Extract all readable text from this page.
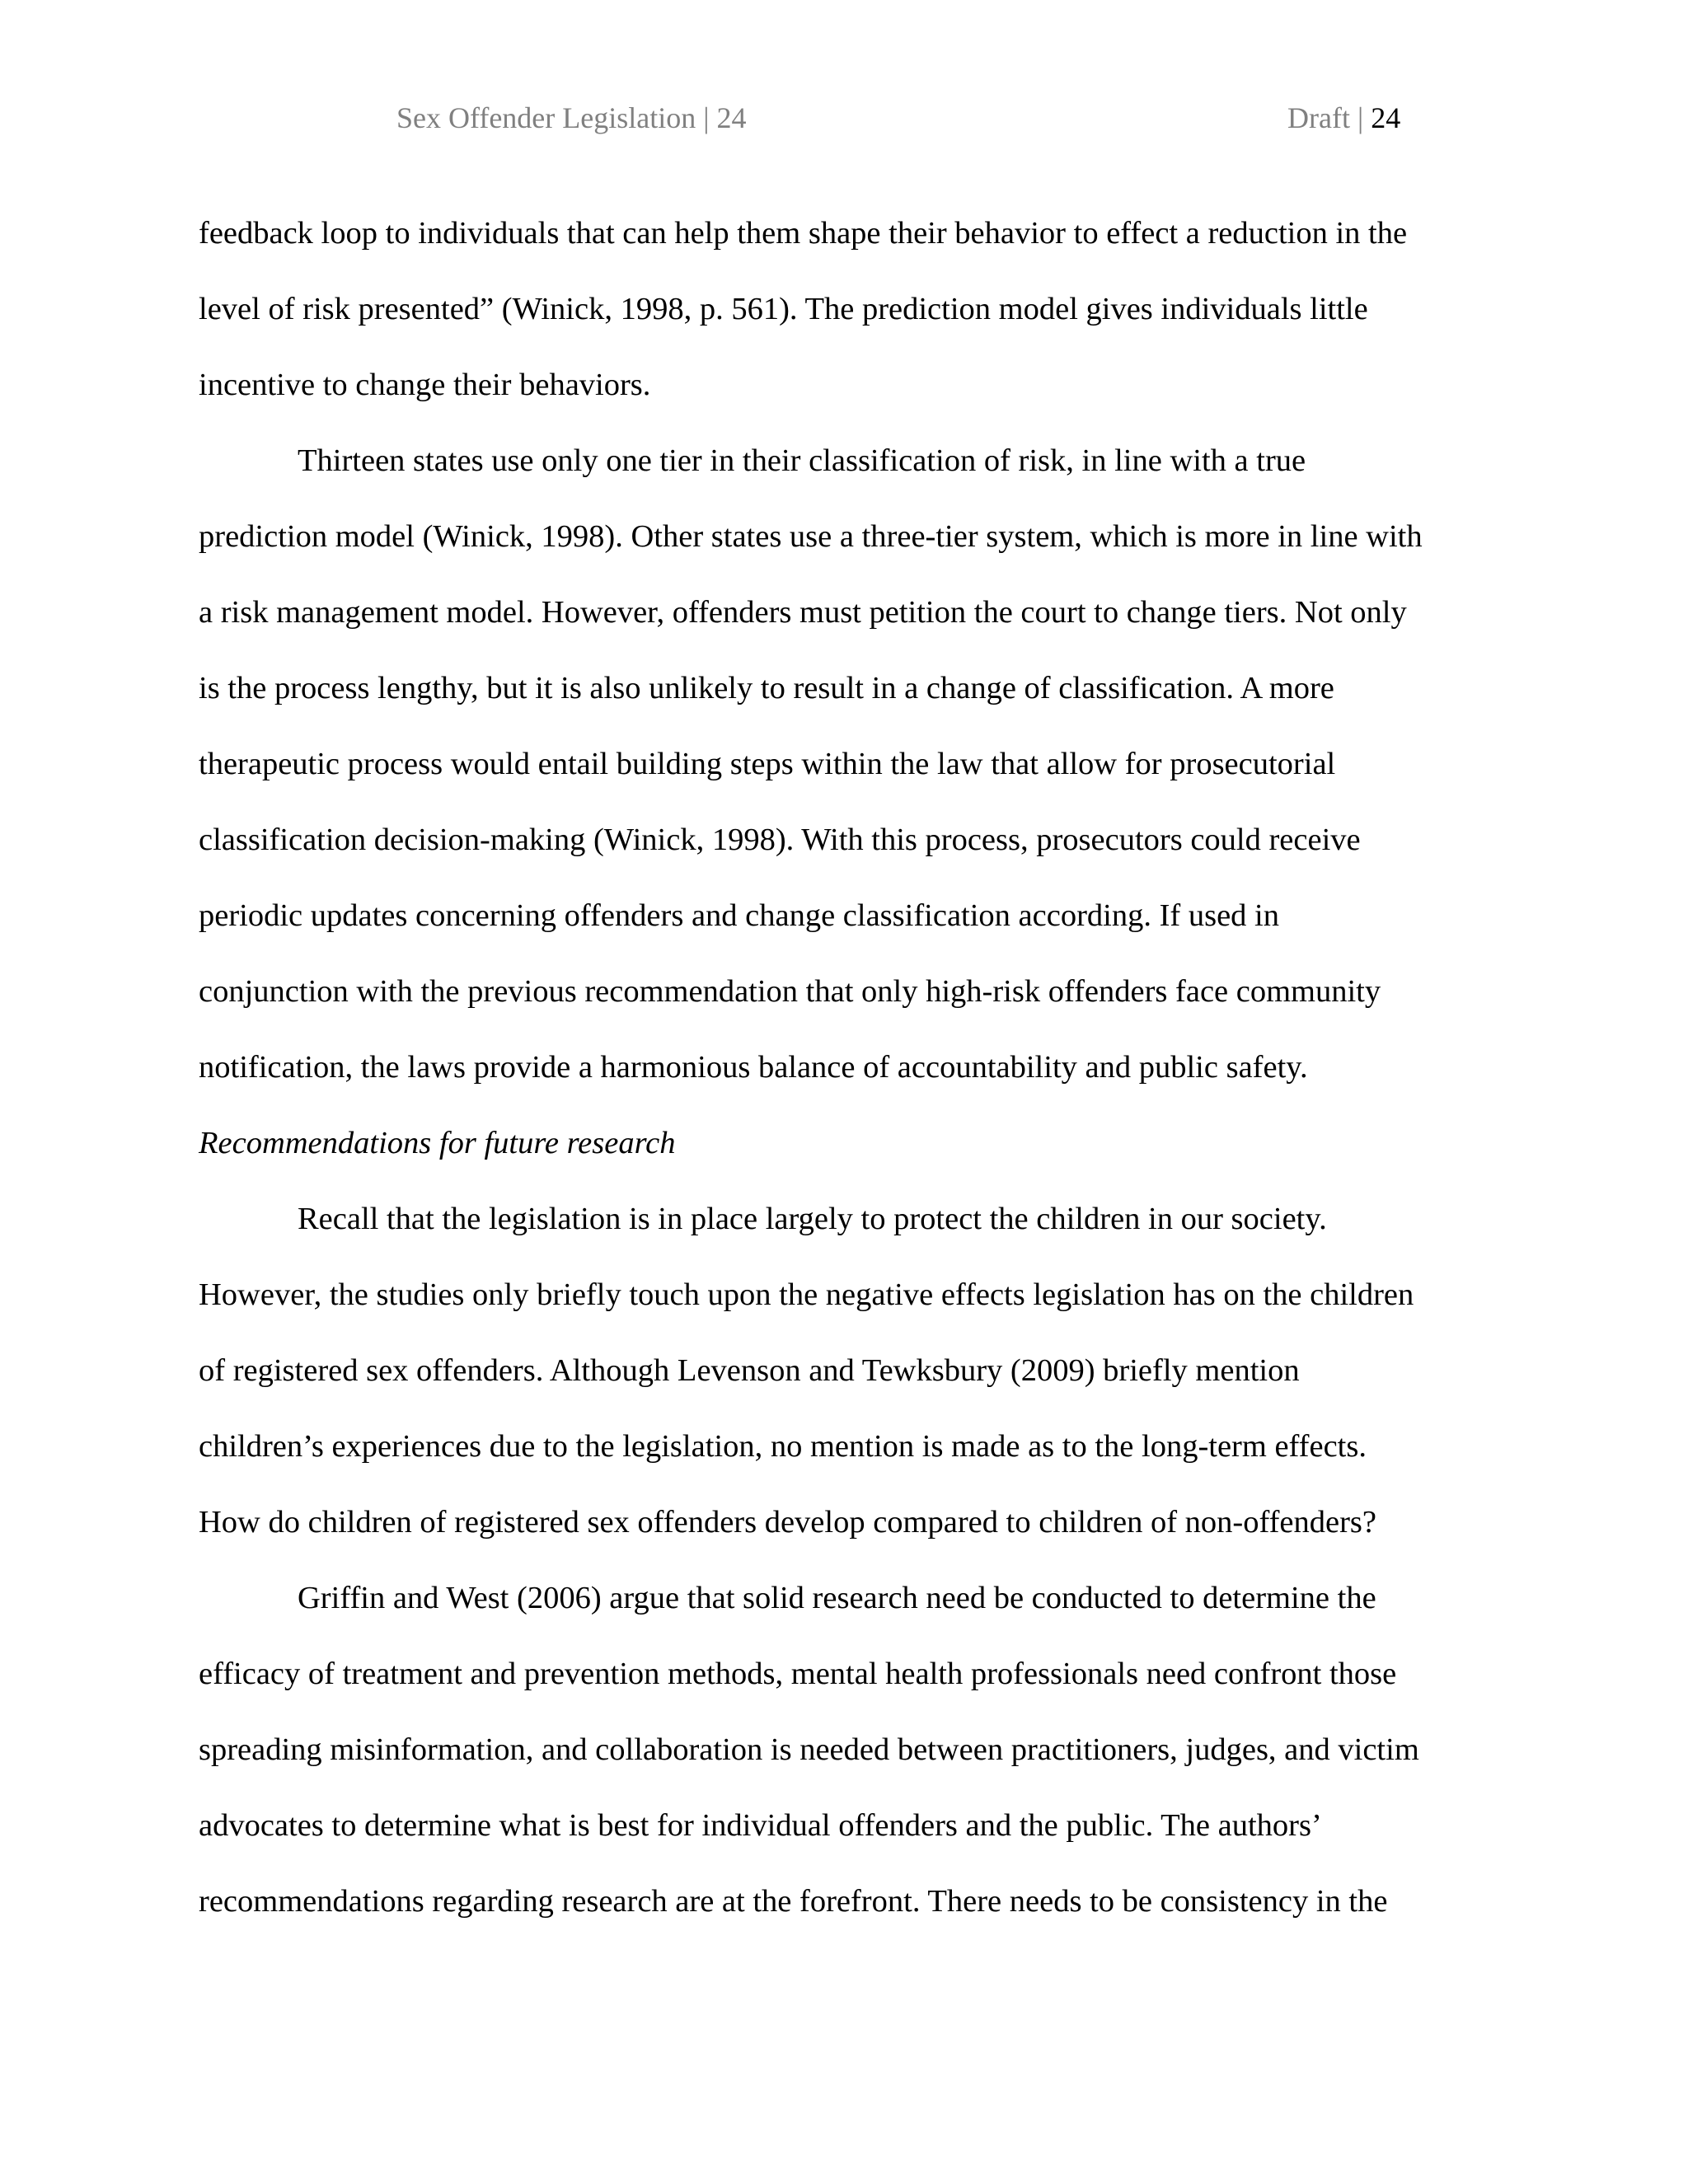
Sex Offender Legislation | 24	Draft | 24
feedback loop to individuals that can help them shape their behavior to effect a reduction in the
level of risk presented” (Winick, 1998, p. 561). The prediction model gives individuals little
incentive to change their behaviors.
Thirteen states use only one tier in their classification of risk, in line with a true
prediction model (Winick, 1998). Other states use a three-tier system, which is more in line with
a risk management model. However, offenders must petition the court to change tiers. Not only
is the process lengthy, but it is also unlikely to result in a change of classification. A more
therapeutic process would entail building steps within the law that allow for prosecutorial
classification decision-making (Winick, 1998). With this process, prosecutors could receive
periodic updates concerning offenders and change classification according. If used in
conjunction with the previous recommendation that only high-risk offenders face community
notification, the laws provide a harmonious balance of accountability and public safety.
Recommendations for future research
Recall that the legislation is in place largely to protect the children in our society.
However, the studies only briefly touch upon the negative effects legislation has on the children
of registered sex offenders. Although Levenson and Tewksbury (2009) briefly mention
children’s experiences due to the legislation, no mention is made as to the long-term effects.
How do children of registered sex offenders develop compared to children of non-offenders?
Griffin and West (2006) argue that solid research need be conducted to determine the
efficacy of treatment and prevention methods, mental health professionals need confront those
spreading misinformation, and collaboration is needed between practitioners, judges, and victim
advocates to determine what is best for individual offenders and the public. The authors’
recommendations regarding research are at the forefront. There needs to be consistency in the
